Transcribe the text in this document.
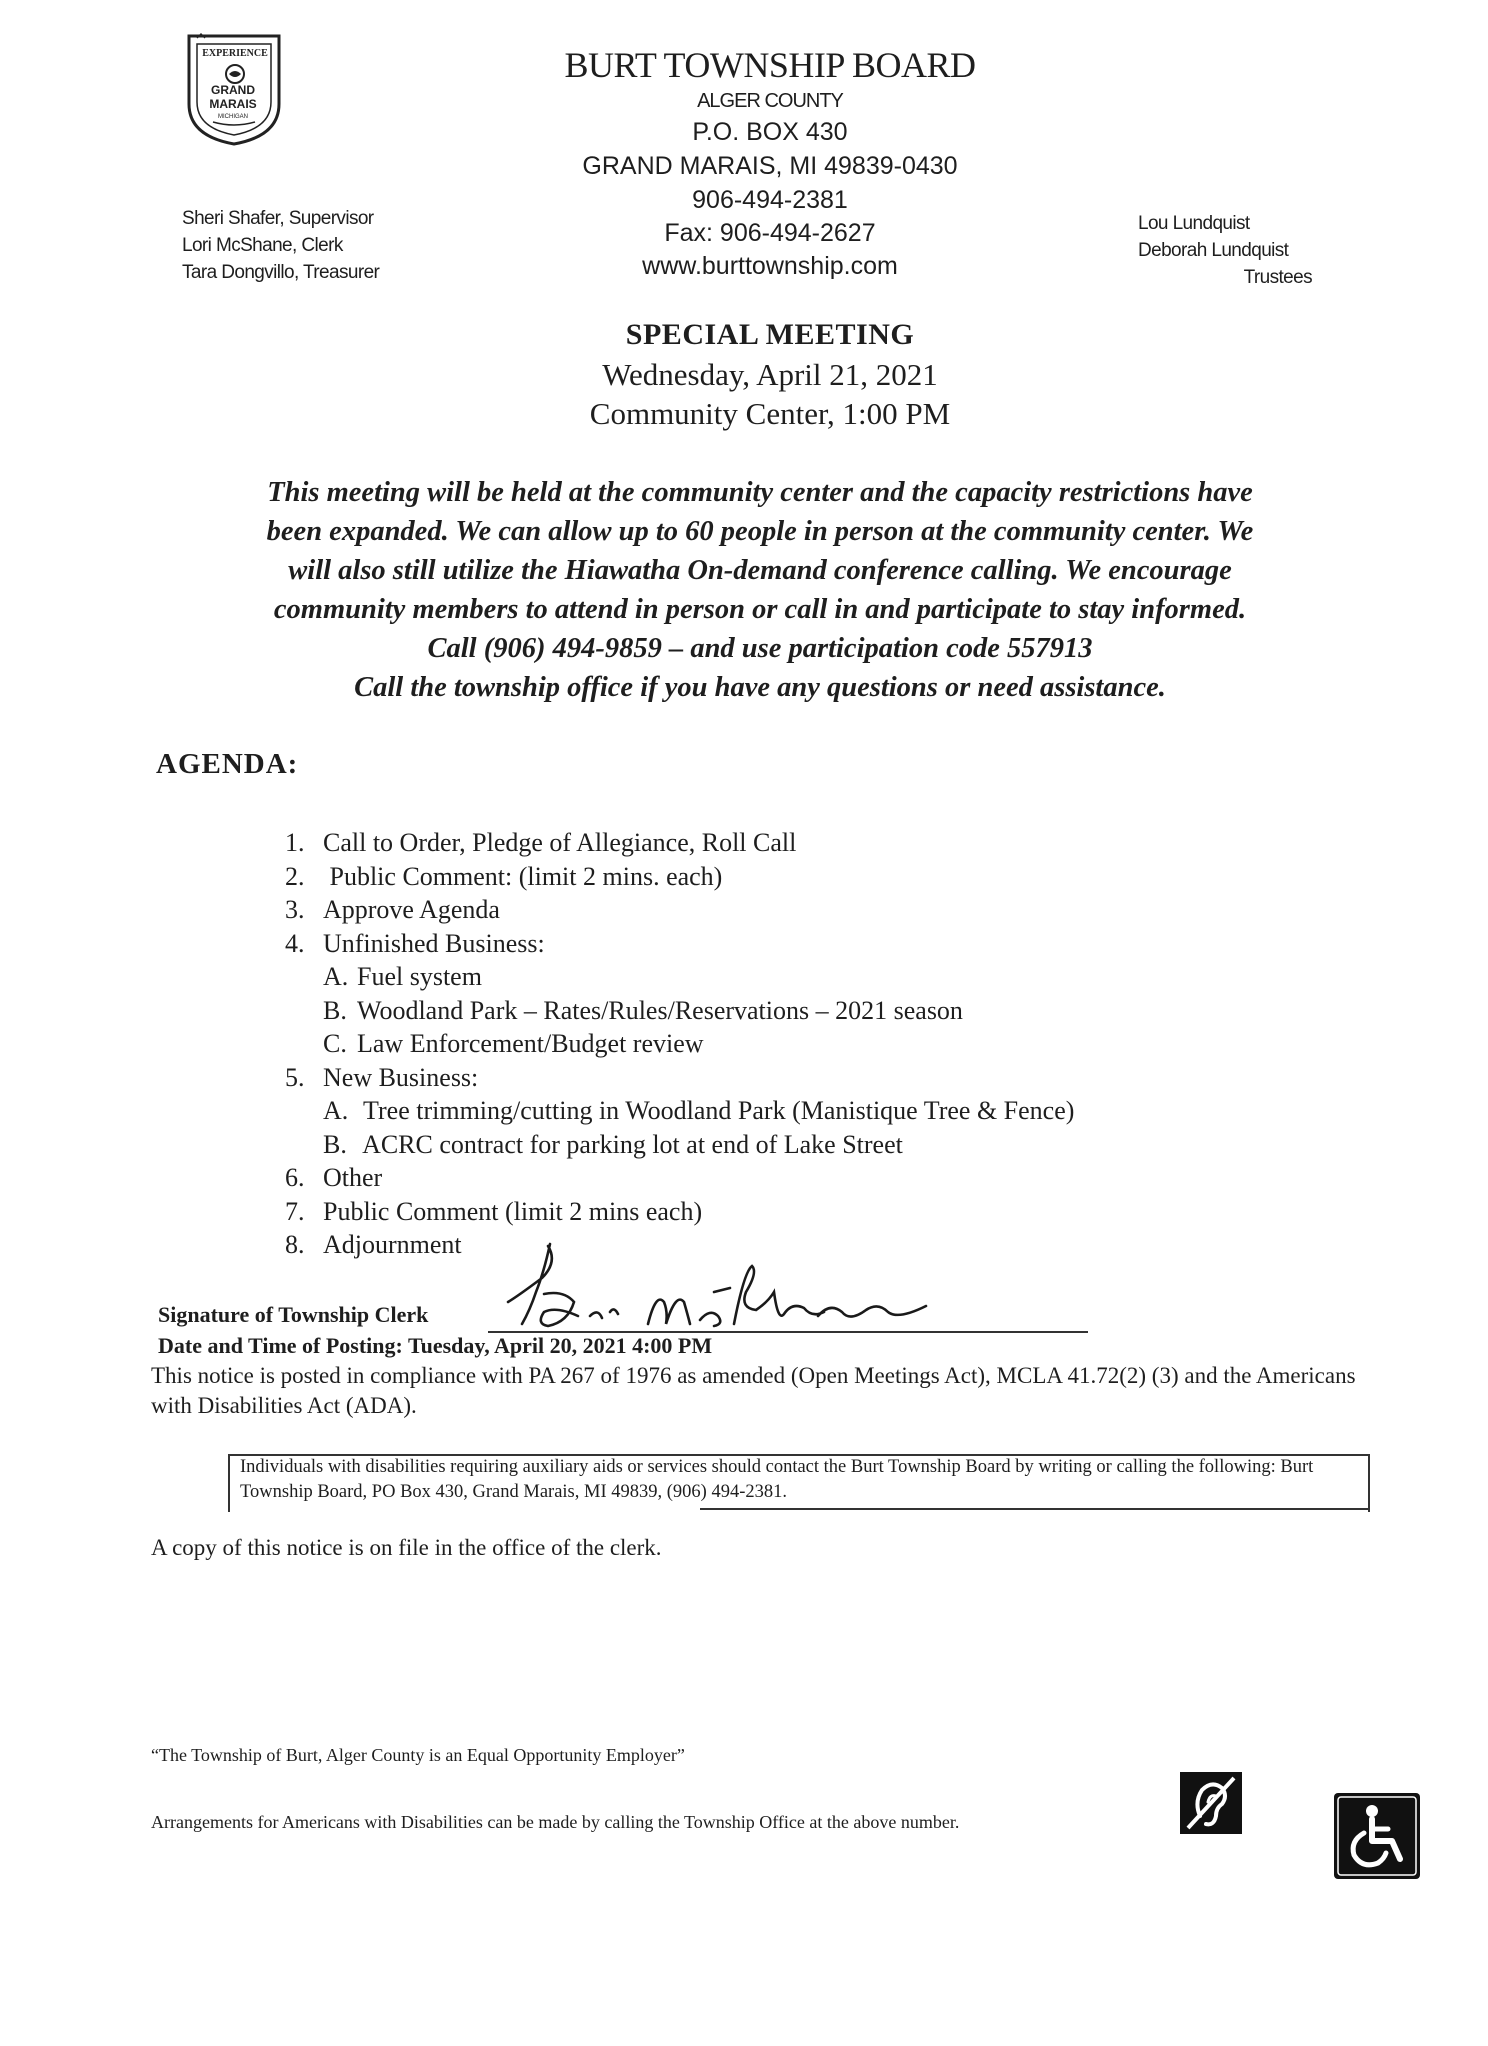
EXPERIENCE
GRAND
MARAIS
MICHIGAN
BURT TOWNSHIP BOARD
ALGER COUNTY
P.O. BOX 430
GRAND MARAIS, MI 49839-0430
906-494-2381
Fax: 906-494-2627
www.burttownship.com
Sheri Shafer, Supervisor
Lori McShane, Clerk
Tara Dongvillo, Treasurer
Lou Lundquist
Deborah Lundquist
Trustees
SPECIAL MEETING
Wednesday, April 21, 2021
Community Center, 1:00 PM

This meeting will be held at the community center and the capacity restrictions have

been expanded. We can allow up to 60 people in person at the community center. We

will also still utilize the Hiawatha On-demand conference calling. We encourage

community members to attend in person or call in and participate to stay informed.

Call (906) 494-9859 – and use participation code 557913

Call the township office if you have any questions or need assistance.

AGENDA:
1. Call to Order, Pledge of Allegiance, Roll Call
2. Public Comment: (limit 2 mins. each)
3. Approve Agenda
4. Unfinished Business:
A. Fuel system
B. Woodland Park – Rates/Rules/Reservations – 2021 season
C. Law Enforcement/Budget review
5. New Business:
A. Tree trimming/cutting in Woodland Park (Manistique Tree & Fence)
B. ACRC contract for parking lot at end of Lake Street
6. Other
7. Public Comment (limit 2 mins each)
8. Adjournment
Signature of Township Clerk
Date and Time of Posting: Tuesday, April 20, 2021 4:00 PM
This notice is posted in compliance with PA 267 of 1976 as amended (Open Meetings Act), MCLA 41.72(2) (3) and the Americans with Disabilities Act (ADA).
Individuals with disabilities requiring auxiliary aids or services should contact the Burt Township Board by writing or calling the following: Burt Township Board, PO Box 430, Grand Marais, MI 49839, (906) 494-2381.
A copy of this notice is on file in the office of the clerk.
“The Township of Burt, Alger County is an Equal Opportunity Employer”
Arrangements for Americans with Disabilities can be made by calling the Township Office at the above number.
